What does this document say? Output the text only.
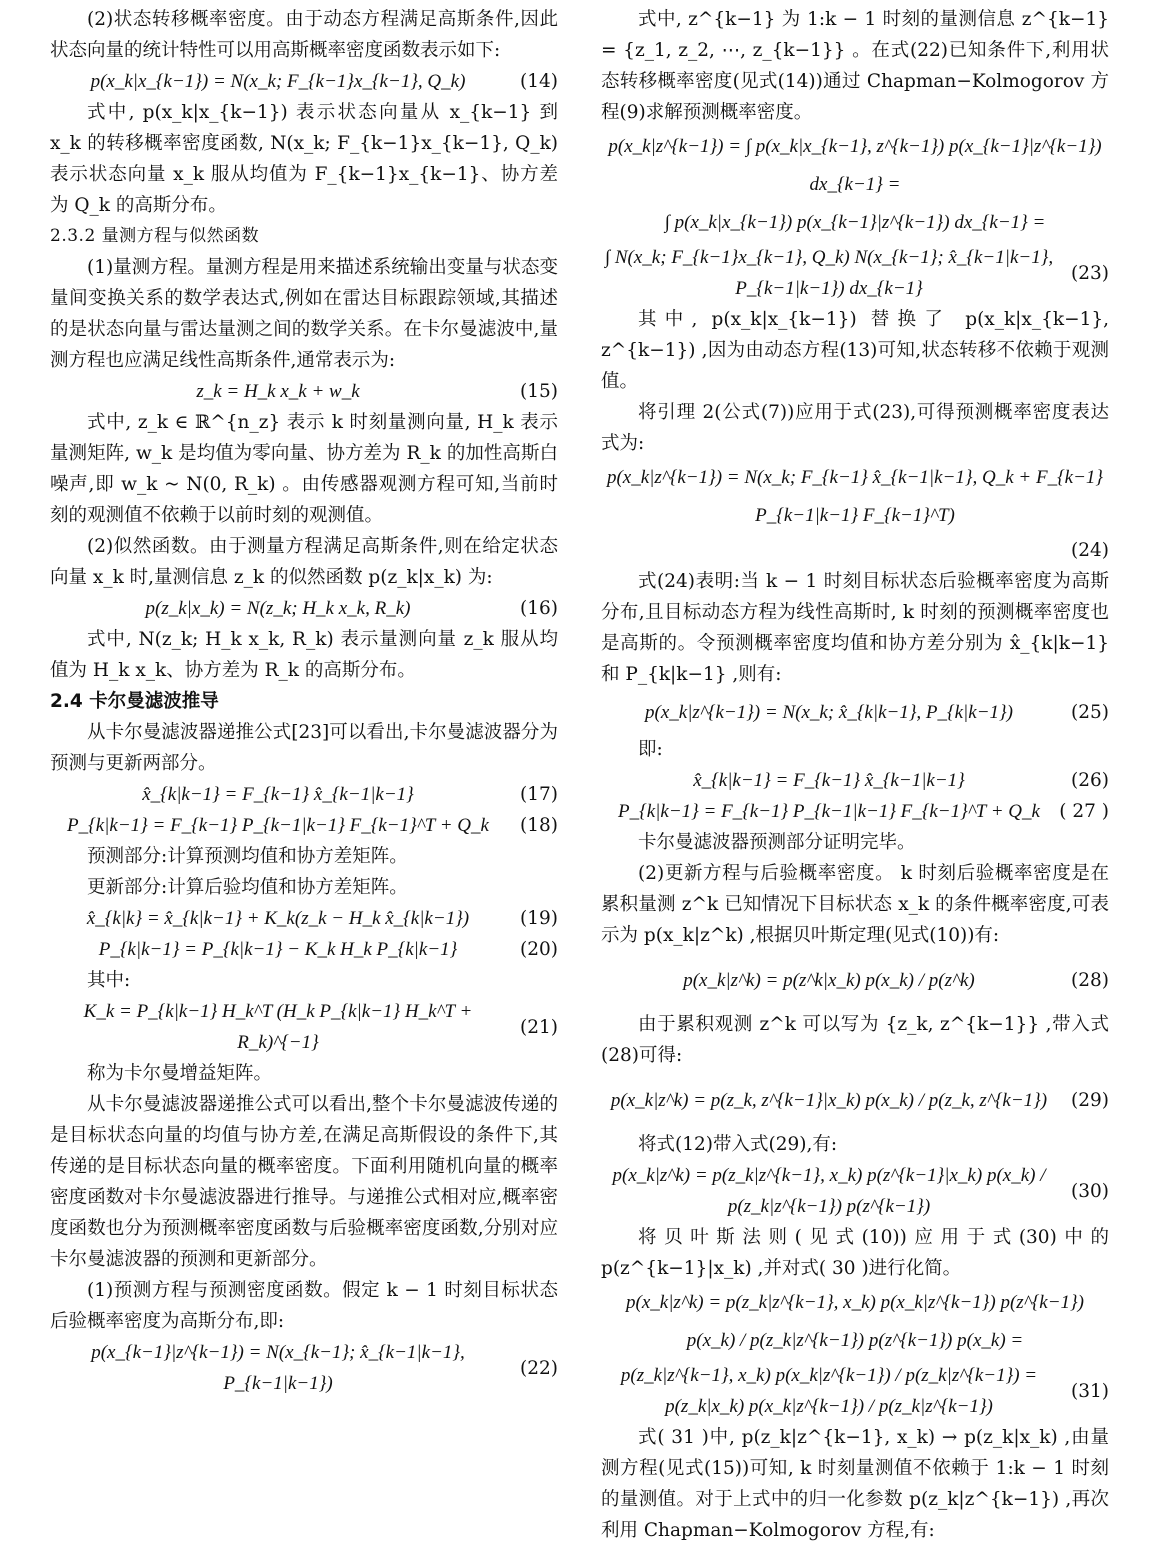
(2)状态转移概率密度。由于动态方程满足高斯条件,因此状态向量的统计特性可以用高斯概率密度函数表示如下:

p(x_k|x_{k−1}) = N(x_k; F_{k−1}x_{k−1}, Q_k)	(14)

式中, p(x_k|x_{k−1}) 表示状态向量从 x_{k−1} 到 x_k 的转移概率密度函数, N(x_k; F_{k−1}x_{k−1}, Q_k) 表示状态向量 x_k 服从均值为 F_{k−1}x_{k−1}、协方差为 Q_k 的高斯分布。

2.3.2 量测方程与似然函数

(1)量测方程。量测方程是用来描述系统输出变量与状态变量间变换关系的数学表达式,例如在雷达目标跟踪领域,其描述的是状态向量与雷达量测之间的数学关系。在卡尔曼滤波中,量测方程也应满足线性高斯条件,通常表示为:

z_k = H_k x_k + w_k	(15)

式中, z_k ∈ ℝ^{n_z} 表示 k 时刻量测向量, H_k 表示量测矩阵, w_k 是均值为零向量、协方差为 R_k 的加性高斯白噪声,即 w_k ~ N(0, R_k) 。由传感器观测方程可知,当前时刻的观测值不依赖于以前时刻的观测值。

(2)似然函数。由于测量方程满足高斯条件,则在给定状态向量 x_k 时,量测信息 z_k 的似然函数 p(z_k|x_k) 为:

p(z_k|x_k) = N(z_k; H_k x_k, R_k)	(16)

式中, N(z_k; H_k x_k, R_k) 表示量测向量 z_k 服从均值为 H_k x_k、协方差为 R_k 的高斯分布。

2.4 卡尔曼滤波推导

从卡尔曼滤波器递推公式[23]可以看出,卡尔曼滤波器分为预测与更新两部分。

x̂_{k|k−1} = F_{k−1} x̂_{k−1|k−1}	(17)
P_{k|k−1} = F_{k−1} P_{k−1|k−1} F_{k−1}^T + Q_k	(18)

预测部分:计算预测均值和协方差矩阵。

更新部分:计算后验均值和协方差矩阵。

x̂_{k|k} = x̂_{k|k−1} + K_k(z_k − H_k x̂_{k|k−1})	(19)
P_{k|k−1} = P_{k|k−1} − K_k H_k P_{k|k−1}	(20)

其中:

K_k = P_{k|k−1} H_k^T (H_k P_{k|k−1} H_k^T + R_k)^{−1}
(21)

称为卡尔曼增益矩阵。

从卡尔曼滤波器递推公式可以看出,整个卡尔曼滤波传递的是目标状态向量的均值与协方差,在满足高斯假设的条件下,其传递的是目标状态向量的概率密度。下面利用随机向量的概率密度函数对卡尔曼滤波器进行推导。与递推公式相对应,概率密度函数也分为预测概率密度函数与后验概率密度函数,分别对应卡尔曼滤波器的预测和更新部分。

(1)预测方程与预测密度函数。假定 k − 1 时刻目标状态后验概率密度为高斯分布,即:

p(x_{k−1}|z^{k−1}) = N(x_{k−1}; x̂_{k−1|k−1}, P_{k−1|k−1})
(22)

式中, z^{k−1} 为 1:k − 1 时刻的量测信息 z^{k−1} = {z_1, z_2, ⋯, z_{k−1}} 。在式(22)已知条件下,利用状态转移概率密度(见式(14))通过 Chapman−Kolmogorov 方程(9)求解预测概率密度。

p(x_k|z^{k−1}) = ∫ p(x_k|x_{k−1}, z^{k−1}) p(x_{k−1}|z^{k−1}) dx_{k−1} =

∫ p(x_k|x_{k−1}) p(x_{k−1}|z^{k−1}) dx_{k−1} =

∫ N(x_k; F_{k−1}x_{k−1}, Q_k) N(x_{k−1}; x̂_{k−1|k−1}, P_{k−1|k−1}) dx_{k−1}
(23)

其中, p(x_k|x_{k−1}) 替换了 p(x_k|x_{k−1}, z^{k−1}) ,因为由动态方程(13)可知,状态转移不依赖于观测值。

将引理 2(公式(7))应用于式(23),可得预测概率密度表达式为:

p(x_k|z^{k−1}) = N(x_k; F_{k−1} x̂_{k−1|k−1}, Q_k + F_{k−1} P_{k−1|k−1} F_{k−1}^T)

(24)

式(24)表明:当 k − 1 时刻目标状态后验概率密度为高斯分布,且目标动态方程为线性高斯时, k 时刻的预测概率密度也是高斯的。令预测概率密度均值和协方差分别为 x̂_{k|k−1} 和 P_{k|k−1} ,则有:

p(x_k|z^{k−1}) = N(x_k; x̂_{k|k−1}, P_{k|k−1})	(25)

即:

x̂_{k|k−1} = F_{k−1} x̂_{k−1|k−1}	(26)
P_{k|k−1} = F_{k−1} P_{k−1|k−1} F_{k−1}^T + Q_k	( 27 )

卡尔曼滤波器预测部分证明完毕。

(2)更新方程与后验概率密度。 k 时刻后验概率密度是在累积量测 z^k 已知情况下目标状态 x_k 的条件概率密度,可表示为 p(x_k|z^k) ,根据贝叶斯定理(见式(10))有:

p(x_k|z^k) = p(z^k|x_k) p(x_k) / p(z^k)	(28)

由于累积观测 z^k 可以写为 {z_k, z^{k−1}} ,带入式(28)可得:

p(x_k|z^k) = p(z_k, z^{k−1}|x_k) p(x_k) / p(z_k, z^{k−1})	(29)

将式(12)带入式(29),有:

p(x_k|z^k) = p(z_k|z^{k−1}, x_k) p(z^{k−1}|x_k) p(x_k) / p(z_k|z^{k−1}) p(z^{k−1})
(30)

将贝叶斯法则(见式(10))应用于式(30)中的 p(z^{k−1}|x_k) ,并对式( 30 )进行化简。

p(x_k|z^k) = p(z_k|z^{k−1}, x_k) p(x_k|z^{k−1}) p(z^{k−1}) p(x_k) / p(z_k|z^{k−1}) p(z^{k−1}) p(x_k) =

p(z_k|z^{k−1}, x_k) p(x_k|z^{k−1}) / p(z_k|z^{k−1}) = p(z_k|x_k) p(x_k|z^{k−1}) / p(z_k|z^{k−1})
(31)

式( 31 )中, p(z_k|z^{k−1}, x_k) → p(z_k|x_k) ,由量测方程(见式(15))可知, k 时刻量测值不依赖于 1:k − 1 时刻的量测值。对于上式中的归一化参数 p(z_k|z^{k−1}) ,再次利用 Chapman−Kolmogorov 方程,有:
